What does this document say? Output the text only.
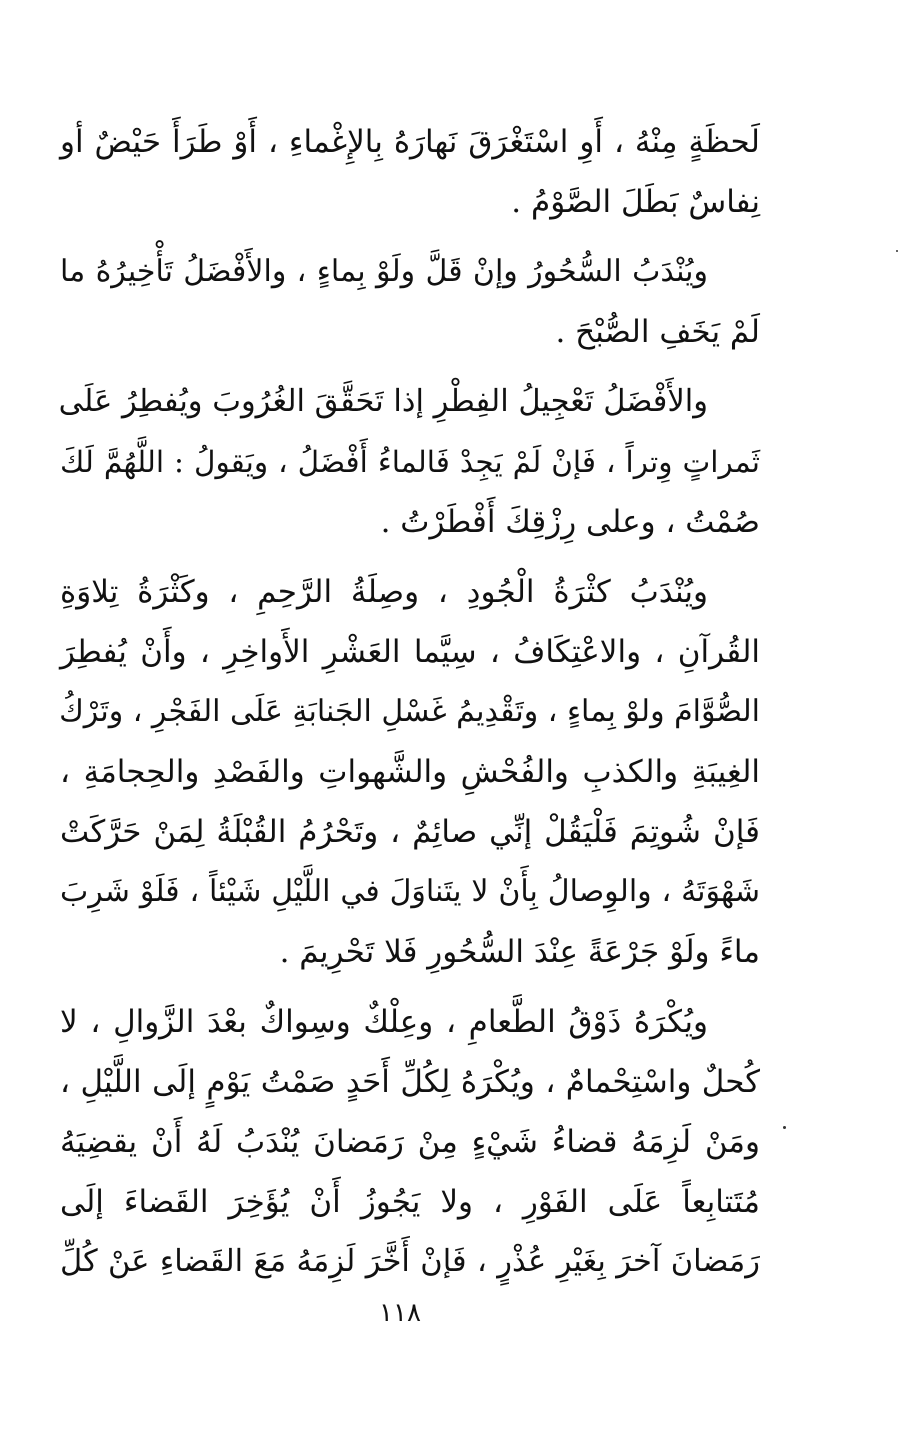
لَحظَةٍ مِنْهُ ، أَوِ اسْتَغْرَقَ نَهارَهُ بِالإِغْماءِ ، أَوْ طَرَأَ حَيْضٌ أو
نِفاسٌ بَطَلَ الصَّوْمُ .
ويُنْدَبُ السُّحُورُ وإنْ قَلَّ ولَوْ بِماءٍ ، والأَفْضَلُ تَأْخِيرُهُ ما
لَمْ يَخَفِ الصُّبْحَ .
والأَفْضَلُ تَعْجِيلُ الفِطْرِ إذا تَحَقَّقَ الغُرُوبَ ويُفطِرُ عَلَى
ثَمراتٍ وِتراً ، فَإنْ لَمْ يَجِدْ فَالماءُ أَفْضَلُ ، ويَقولُ : اللَّهُمَّ لَكَ
صُمْتُ ، وعلى رِزْقِكَ أَفْطَرْتُ .
ويُنْدَبُ كثْرَةُ الْجُودِ ، وصِلَةُ الرَّحِمِ ، وكَثْرَةُ تِلاوَةِ
القُرآنِ ، والاعْتِكَافُ ، سِيَّما العَشْرِ الأَواخِرِ ، وأَنْ يُفطِرَ
الصُّوَّامَ ولوْ بِماءٍ ، وتَقْدِيمُ غَسْلِ الجَنابَةِ عَلَى الفَجْرِ ، وتَرْكُ
الغِيبَةِ والكذبِ والفُحْشِ والشَّهواتِ والفَصْدِ والحِجامَةِ ،
فَإنْ شُوتِمَ فَلْيَقُلْ إنِّي صائِمٌ ، وتَحْرُمُ القُبْلَةُ لِمَنْ حَرَّكَتْ
شَهْوَتَهُ ، والوِصالُ بِأَنْ لا يتَناوَلَ في اللَّيْلِ شَيْئاً ، فَلَوْ شَرِبَ
ماءً ولَوْ جَرْعَةً عِنْدَ السُّحُورِ فَلا تَحْرِيمَ .
ويُكْرَهُ ذَوْقُ الطَّعامِ ، وعِلْكٌ وسِواكٌ بعْدَ الزَّوالِ ، لا
كُحلٌ واسْتِحْمامٌ ، ويُكْرَهُ لِكُلِّ أَحَدٍ صَمْتُ يَوْمٍ إلَى اللَّيْلِ ،
ومَنْ لَزِمَهُ قضاءُ شَيْءٍ مِنْ رَمَضانَ يُنْدَبُ لَهُ أَنْ يقضِيَهُ
مُتَتابِعاً عَلَى الفَوْرِ ، ولا يَجُوزُ أَنْ يُؤَخِرَ القَضاءَ إلَى
رَمَضانَ آخرَ بِغَيْرِ عُذْرٍ ، فَإنْ أَخَّرَ لَزِمَهُ مَعَ القَضاءِ عَنْ كُلِّ
١١٨
